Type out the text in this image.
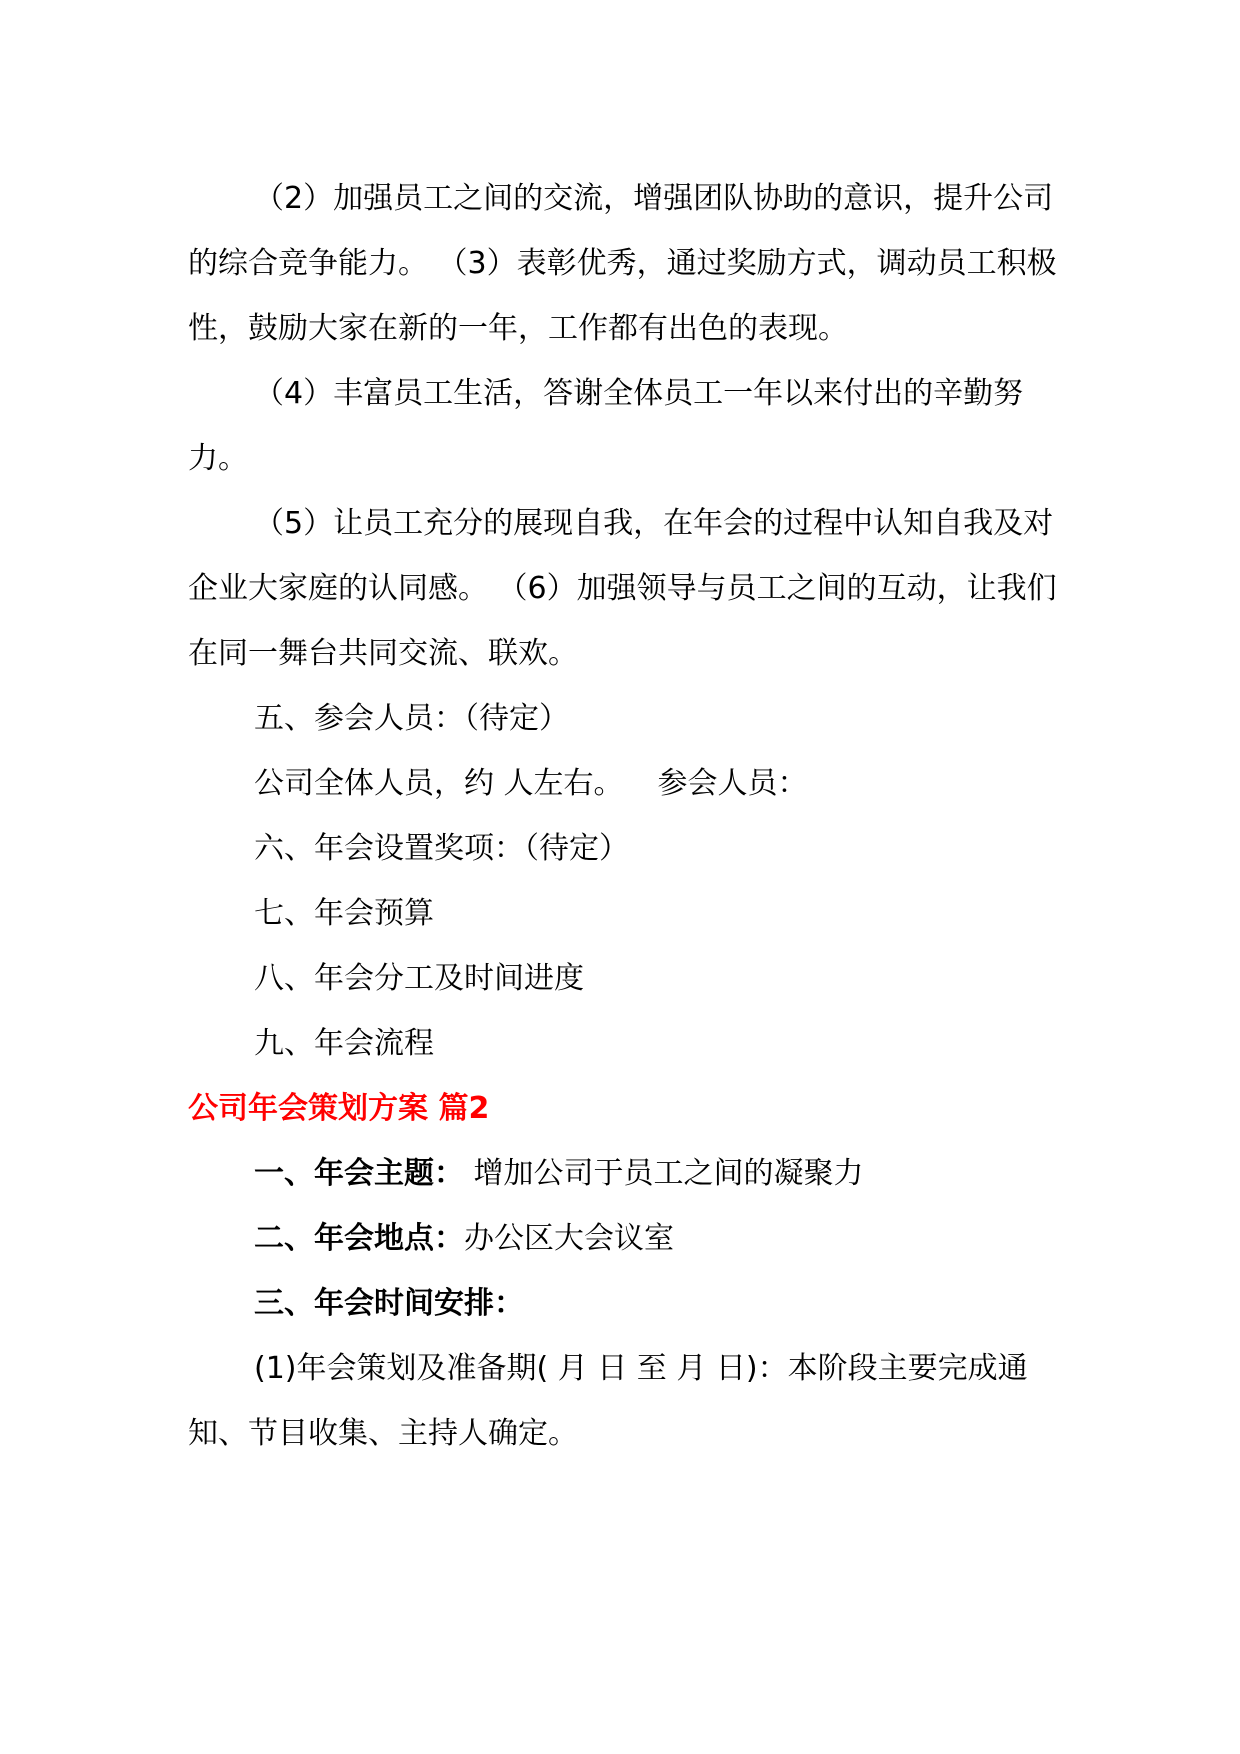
（2）加强员工之间的交流，增强团队协助的意识，提升公司的综合竞争能力。 （3）表彰优秀，通过奖励方式，调动员工积极性，鼓励大家在新的一年，工作都有出色的表现。

（4）丰富员工生活，答谢全体员工一年以来付出的辛勤努力。

（5）让员工充分的展现自我，在年会的过程中认知自我及对企业大家庭的认同感。 （6）加强领导与员工之间的互动，让我们在同一舞台共同交流、联欢。

五、参会人员：（待定）

公司全体人员，约 人左右。 参会人员：

六、年会设置奖项：（待定）

七、年会预算

八、年会分工及时间进度

九、年会流程

公司年会策划方案 篇2

一、年会主题： 增加公司于员工之间的凝聚力

二、年会地点：办公区大会议室

三、年会时间安排：

(1)年会策划及准备期( 月 日 至 月 日)：本阶段主要完成通知、节目收集、主持人确定。
